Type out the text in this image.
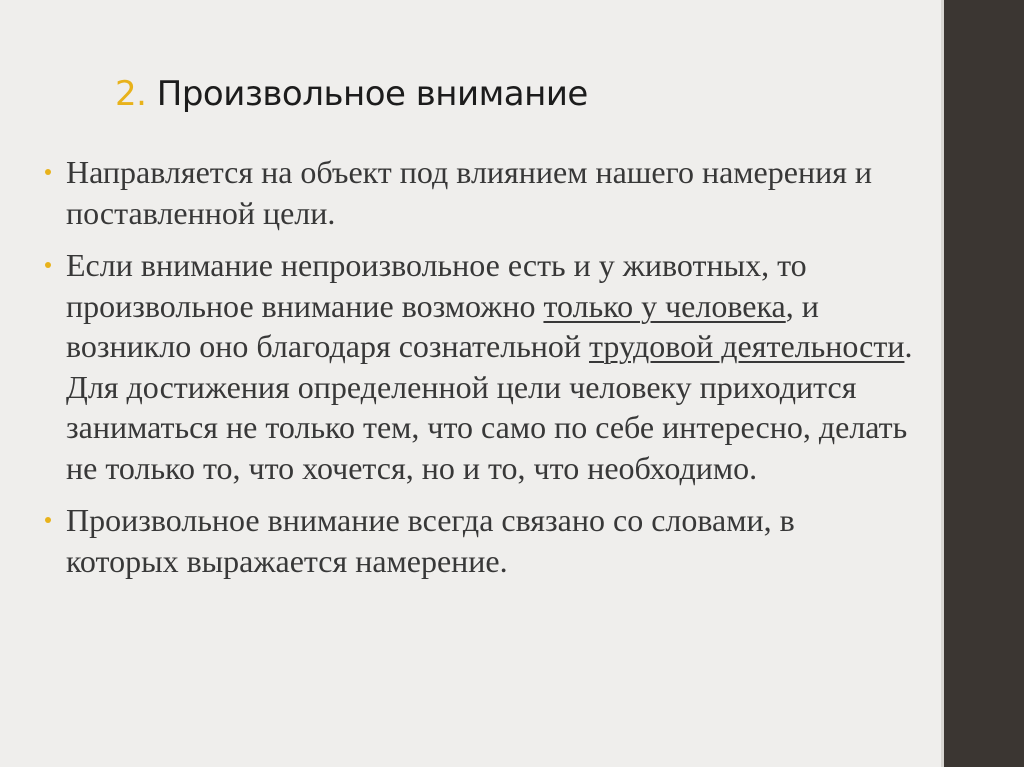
2. Произвольное внимание
Направляется на объект под влиянием нашего намерения и поставленной цели.
Если внимание непроизвольное есть и у животных, то произвольное внимание возможно только у человека, и возникло оно благодаря сознательной трудовой деятельности. Для достижения определенной цели человеку приходится заниматься не только тем, что само по себе интересно, делать не только то, что хочется, но и то, что необходимо.
Произвольное внимание всегда связано со словами, в которых выражается намерение.
